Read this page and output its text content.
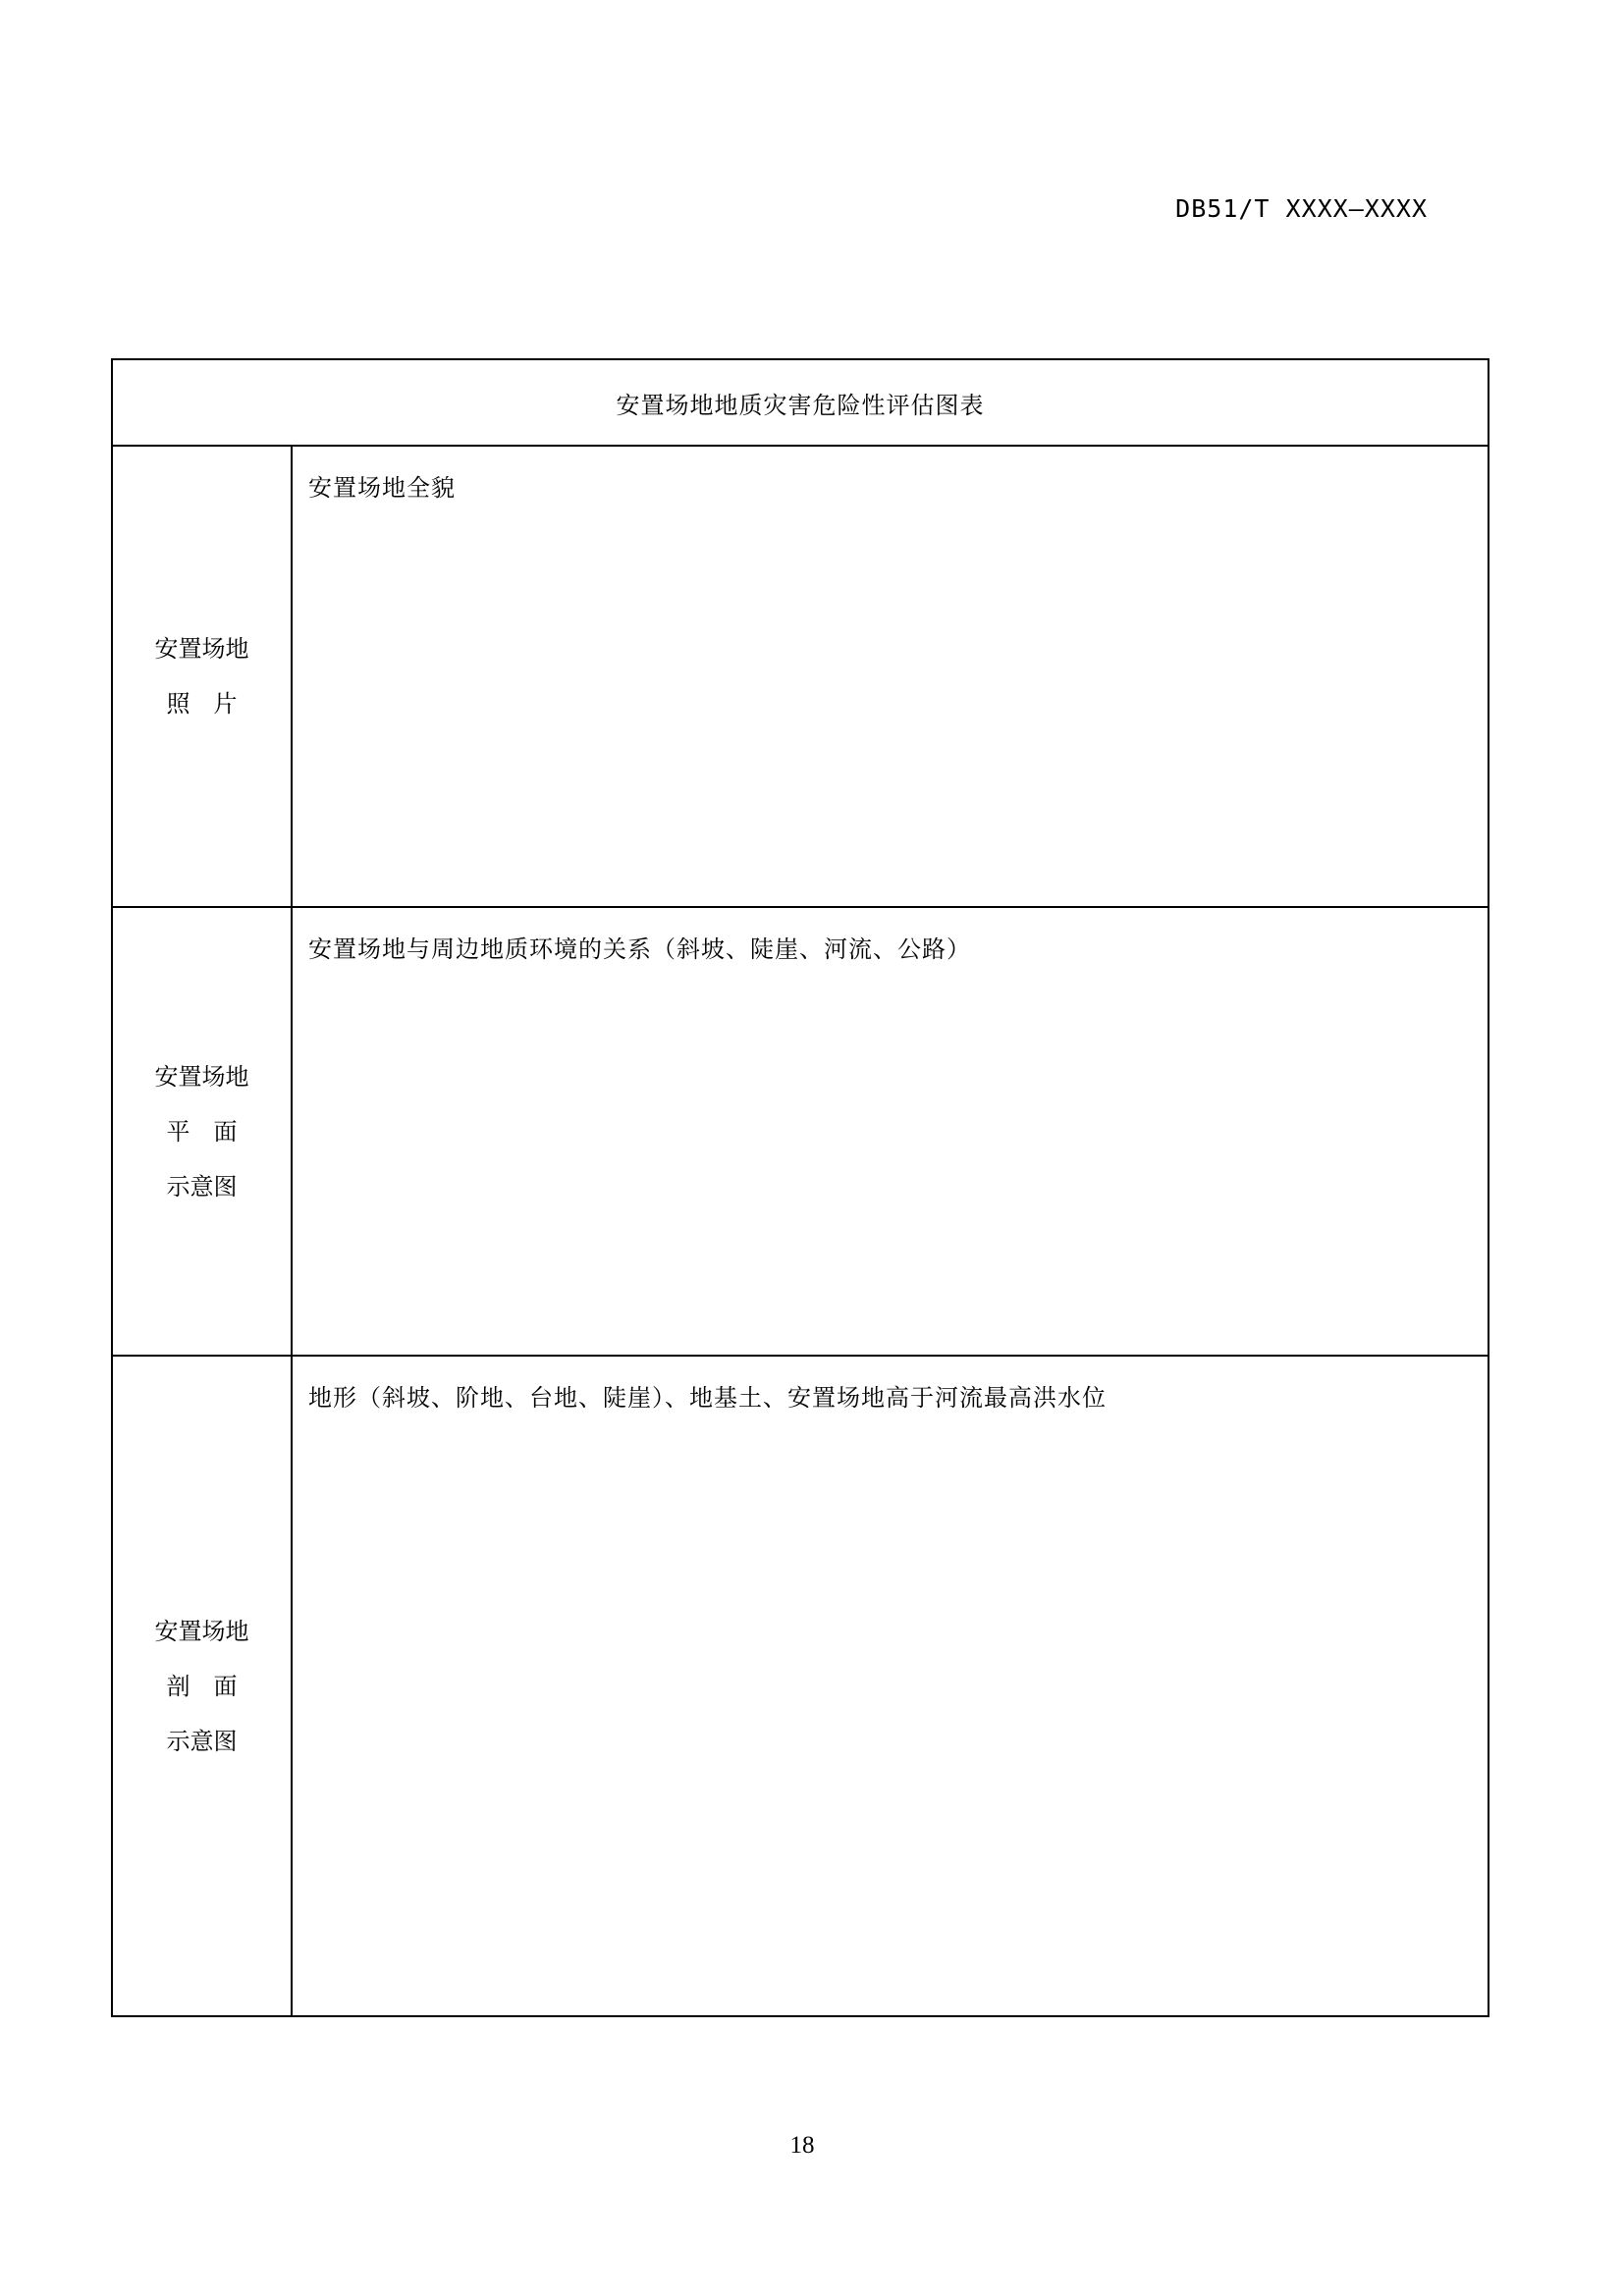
DB51/T XXXX—XXXX
安置场地地质灾害危险性评估图表	

安置场地
照　片	安置场地全貌

安置场地
平　面
示意图	安置场地与周边地质环境的关系（斜坡、陡崖、河流、公路）

安置场地
剖　面
示意图	地形（斜坡、阶地、台地、陡崖）、地基土、安置场地高于河流最高洪水位
18
